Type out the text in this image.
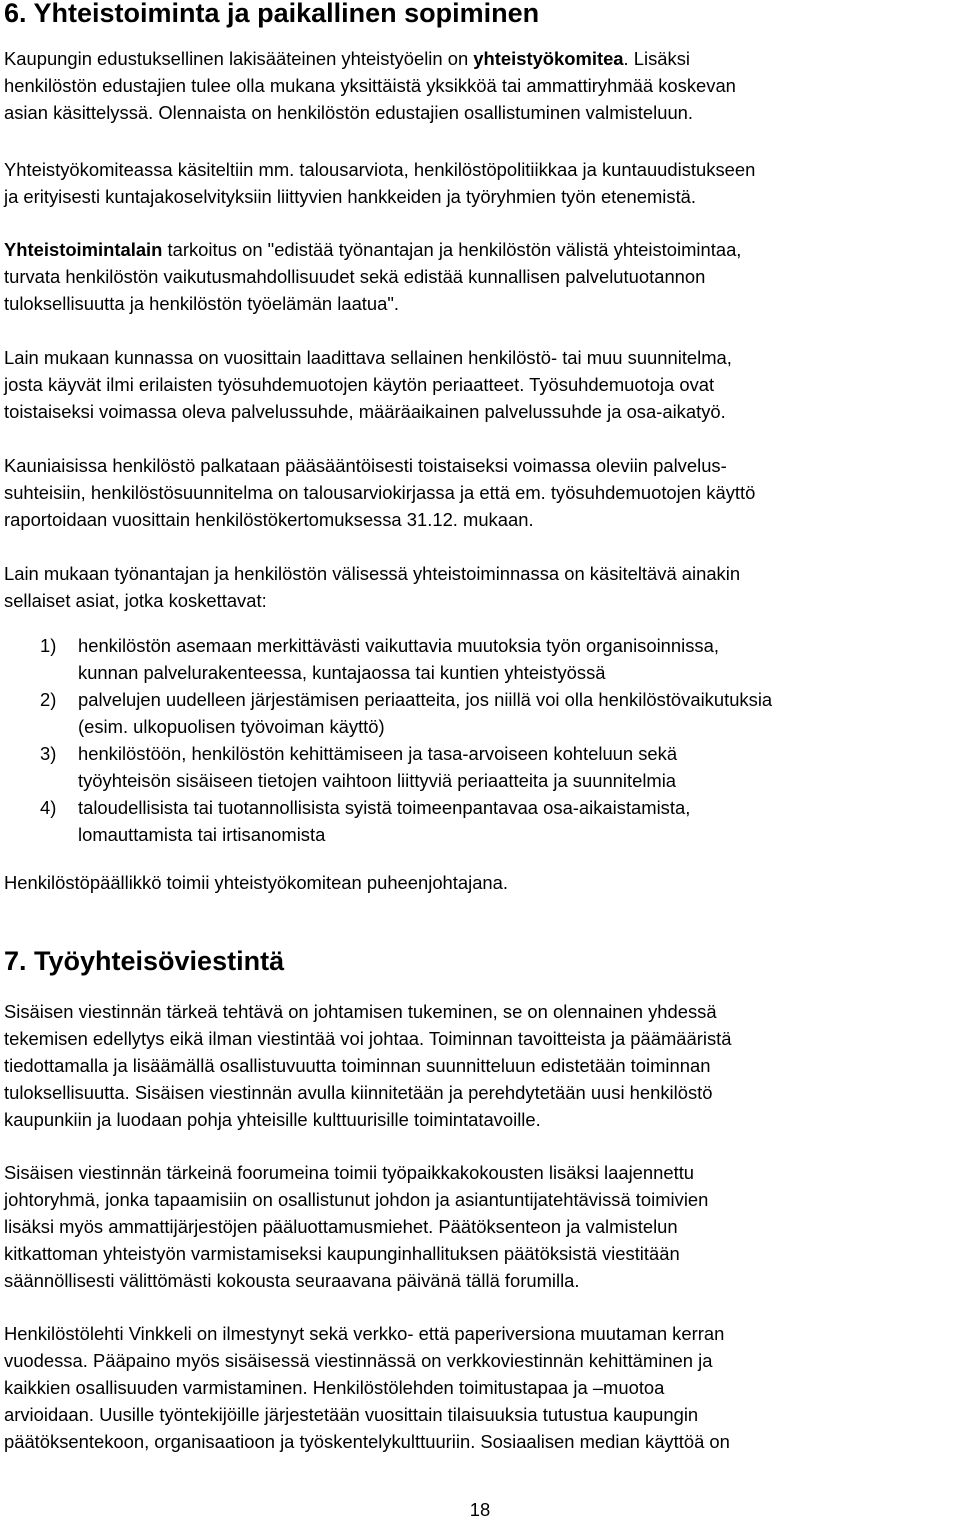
6. Yhteistoiminta ja paikallinen sopiminen

Kaupungin edustuksellinen lakisääteinen yhteistyöelin on yhteistyökomitea. Lisäksi
henkilöstön edustajien tulee olla mukana yksittäistä yksikköä tai ammattiryhmää koskevan
asian käsittelyssä. Olennaista on henkilöstön edustajien osallistuminen valmisteluun.

Yhteistyökomiteassa käsiteltiin mm. talousarviota, henkilöstöpolitiikkaa ja kuntauudistukseen
ja erityisesti kuntajakoselvityksiin liittyvien hankkeiden ja työryhmien työn etenemistä.

Yhteistoimintalain tarkoitus on "edistää työnantajan ja henkilöstön välistä yhteistoimintaa,
turvata henkilöstön vaikutusmahdollisuudet sekä edistää kunnallisen palvelutuotannon
tuloksellisuutta ja henkilöstön työelämän laatua".

Lain mukaan kunnassa on vuosittain laadittava sellainen henkilöstö- tai muu suunnitelma,
josta käyvät ilmi erilaisten työsuhdemuotojen käytön periaatteet. Työsuhdemuotoja ovat
toistaiseksi voimassa oleva palvelussuhde, määräaikainen palvelussuhde ja osa-aikatyö.

Kauniaisissa henkilöstö palkataan pääsääntöisesti toistaiseksi voimassa oleviin palvelus-
suhteisiin, henkilöstösuunnitelma on talousarviokirjassa ja että em. työsuhdemuotojen käyttö
raportoidaan vuosittain henkilöstökertomuksessa 31.12. mukaan.

Lain mukaan työnantajan ja henkilöstön välisessä yhteistoiminnassa on käsiteltävä ainakin
sellaiset asiat, jotka koskettavat:

1) henkilöstön asemaan merkittävästi vaikuttavia muutoksia työn organisoinnissa,
kunnan palvelurakenteessa, kuntajaossa tai kuntien yhteistyössä
2) palvelujen uudelleen järjestämisen periaatteita, jos niillä voi olla henkilöstövaikutuksia
(esim. ulkopuolisen työvoiman käyttö)
3) henkilöstöön, henkilöstön kehittämiseen ja tasa-arvoiseen kohteluun sekä
työyhteisön sisäiseen tietojen vaihtoon liittyviä periaatteita ja suunnitelmia
4) taloudellisista tai tuotannollisista syistä toimeenpantavaa osa-aikaistamista,
lomauttamista tai irtisanomista

Henkilöstöpäällikkö toimii yhteistyökomitean puheenjohtajana.

7. Työyhteisöviestintä

Sisäisen viestinnän tärkeä tehtävä on johtamisen tukeminen, se on olennainen yhdessä
tekemisen edellytys eikä ilman viestintää voi johtaa. Toiminnan tavoitteista ja päämääristä
tiedottamalla ja lisäämällä osallistuvuutta toiminnan suunnitteluun edistetään toiminnan
tuloksellisuutta. Sisäisen viestinnän avulla kiinnitetään ja perehdytetään uusi henkilöstö
kaupunkiin ja luodaan pohja yhteisille kulttuurisille toimintatavoille.

Sisäisen viestinnän tärkeinä foorumeina toimii työpaikkakokousten lisäksi laajennettu
johtoryhmä, jonka tapaamisiin on osallistunut johdon ja asiantuntijatehtävissä toimivien
lisäksi myös ammattijärjestöjen pääluottamusmiehet. Päätöksenteon ja valmistelun
kitkattoman yhteistyön varmistamiseksi kaupunginhallituksen päätöksistä viestitään
säännöllisesti välittömästi kokousta seuraavana päivänä tällä forumilla.

Henkilöstölehti Vinkkeli on ilmestynyt sekä verkko- että paperiversiona muutaman kerran
vuodessa. Pääpaino myös sisäisessä viestinnässä on verkkoviestinnän kehittäminen ja
kaikkien osallisuuden varmistaminen. Henkilöstölehden toimitustapaa ja –muotoa
arvioidaan. Uusille työntekijöille järjestetään vuosittain tilaisuuksia tutustua kaupungin
päätöksentekoon, organisaatioon ja työskentelykulttuuriin. Sosiaalisen median käyttöä on

18
